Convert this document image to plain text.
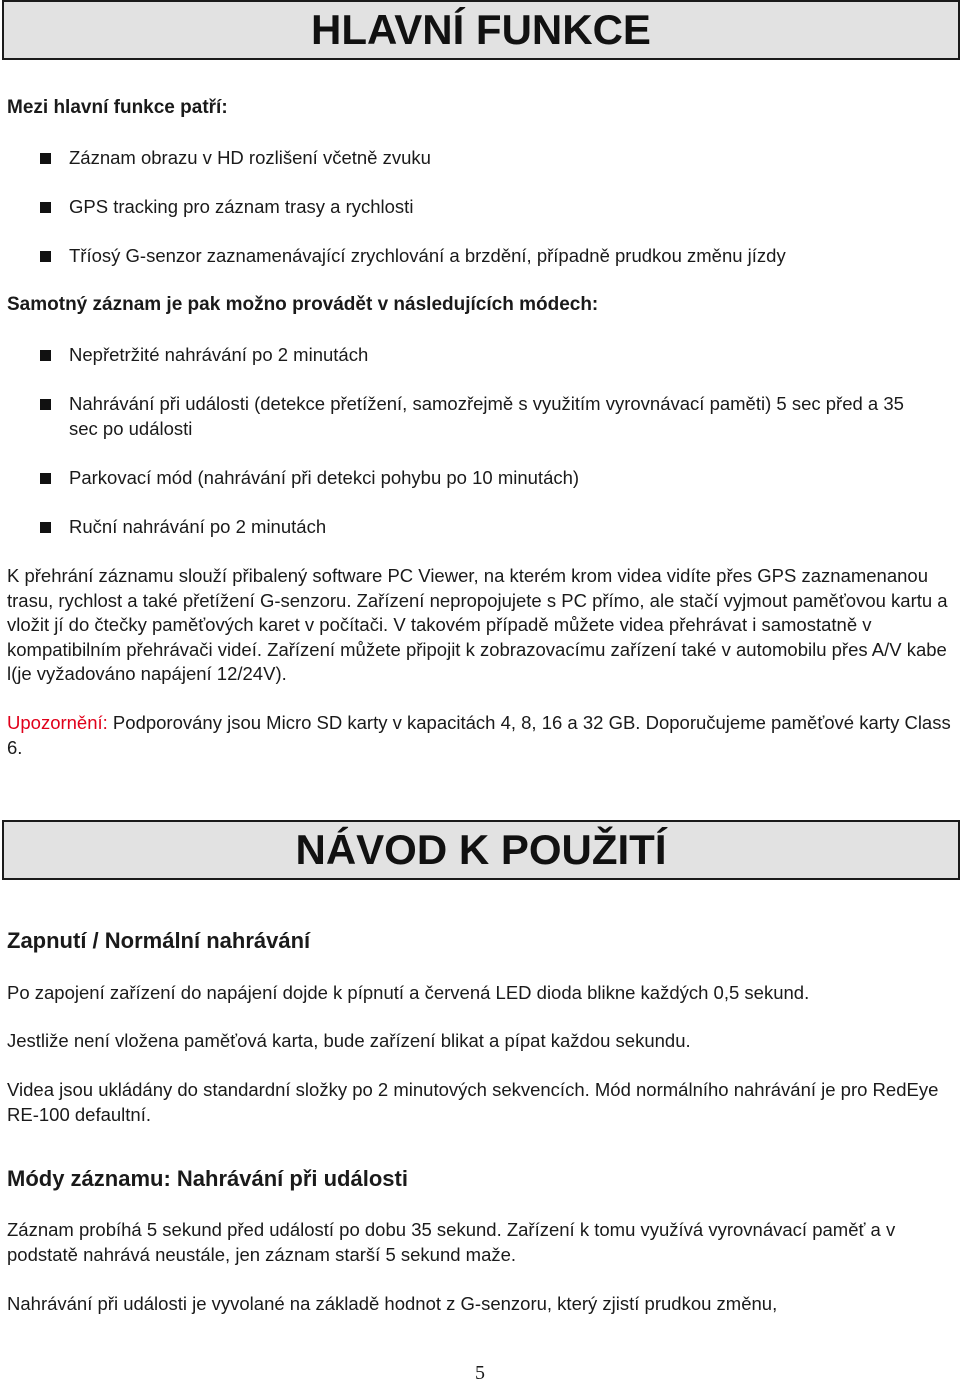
HLAVNÍ FUNKCE
Mezi hlavní funkce patří:
Záznam obrazu v HD rozlišení včetně zvuku
GPS tracking pro záznam trasy a rychlosti
Tříosý G-senzor zaznamenávající zrychlování a brzdění, případně prudkou změnu jízdy
Samotný záznam je pak možno provádět v následujících módech:
Nepřetržité nahrávání po 2 minutách
Nahrávání při události (detekce přetížení, samozřejmě s využitím vyrovnávací paměti) 5 sec před a 35 sec po události
Parkovací mód (nahrávání při detekci pohybu po 10 minutách)
Ruční nahrávání po 2 minutách
K přehrání záznamu slouží přibalený software PC Viewer, na kterém krom videa vidíte přes GPS zaznamenanou trasu, rychlost a také přetížení G-senzoru. Zařízení nepropojujete s PC přímo, ale stačí vyjmout paměťovou kartu a vložit jí do čtečky paměťových karet v počítači. V takovém případě můžete videa přehrávat i samostatně v kompatibilním přehrávači videí. Zařízení můžete připojit k zobrazovacímu zařízení také v automobilu přes A/V kabe l(je vyžadováno napájení 12/24V).
Upozornění: Podporovány jsou Micro SD karty v kapacitách 4, 8, 16 a 32 GB. Doporučujeme paměťové karty Class 6.
NÁVOD K POUŽITÍ
Zapnutí / Normální nahrávání
Po zapojení zařízení do napájení dojde k pípnutí a červená LED dioda blikne každých 0,5 sekund.
Jestliže není vložena paměťová karta, bude zařízení blikat a pípat každou sekundu.
Videa jsou ukládány do standardní složky po 2 minutových sekvencích. Mód normálního nahrávání je pro RedEye RE-100 defaultní.
Módy záznamu: Nahrávání při události
Záznam probíhá 5 sekund před událostí po dobu 35 sekund. Zařízení k tomu využívá vyrovnávací paměť a v podstatě nahrává neustále, jen záznam starší 5 sekund maže.
Nahrávání při události je vyvolané na základě hodnot z G-senzoru, který zjistí prudkou změnu,
5
